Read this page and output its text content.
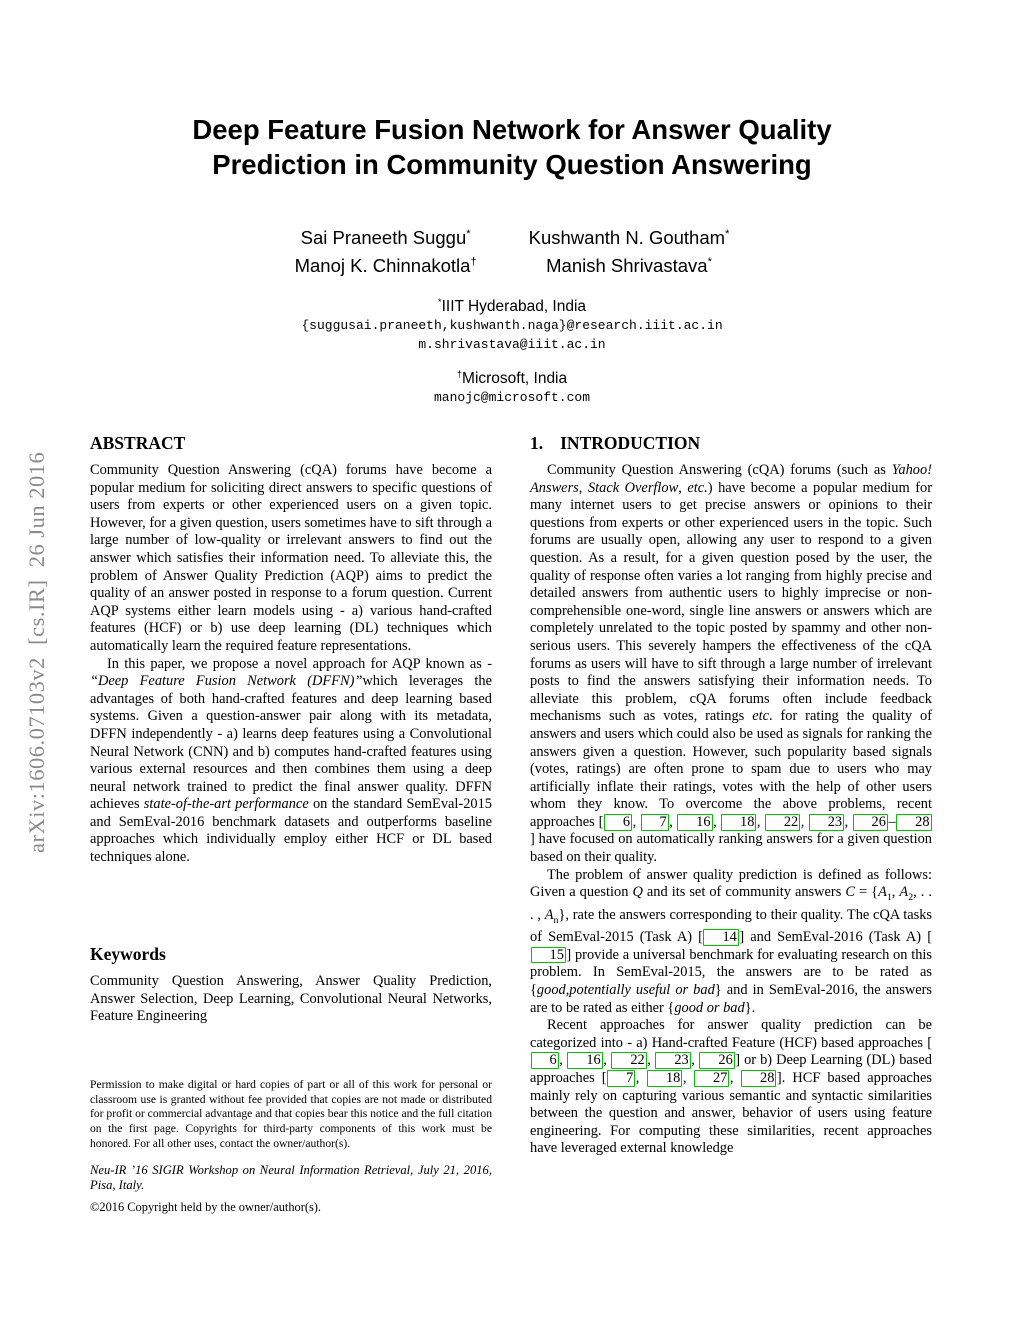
arXiv:1606.07103v2  [cs.IR]  26 Jun 2016
Deep Feature Fusion Network for Answer Quality
Prediction in Community Question Answering
Sai Praneeth Suggu*
Manoj K. Chinnakotla†
Kushwanth N. Goutham*
Manish Shrivastava*
*IIIT Hyderabad, India
{suggusai.praneeth,kushwanth.naga}@research.iiit.ac.in
m.shrivastava@iiit.ac.in
†Microsoft, India
manojc@microsoft.com
ABSTRACT

Community Question Answering (cQA) forums have become a popular medium for soliciting direct answers to specific questions of users from experts or other experienced users on a given topic. However, for a given question, users sometimes have to sift through a large number of low-quality or irrelevant answers to find out the answer which satisfies their information need. To alleviate this, the problem of Answer Quality Prediction (AQP) aims to predict the quality of an answer posted in response to a forum question. Current AQP systems either learn models using - a) various hand-crafted features (HCF) or b) use deep learning (DL) techniques which automatically learn the required feature representations.

In this paper, we propose a novel approach for AQP known as - “Deep Feature Fusion Network (DFFN)”which leverages the advantages of both hand-crafted features and deep learning based systems. Given a question-answer pair along with its metadata, DFFN independently - a) learns deep features using a Convolutional Neural Network (CNN) and b) computes hand-crafted features using various external resources and then combines them using a deep neural network trained to predict the final answer quality. DFFN achieves state-of-the-art performance on the standard SemEval-2015 and SemEval-2016 benchmark datasets and outperforms baseline approaches which individually employ either HCF or DL based techniques alone.

Keywords

Community Question Answering, Answer Quality Prediction, Answer Selection, Deep Learning, Convolutional Neural Networks, Feature Engineering

Permission to make digital or hard copies of part or all of this work for personal or classroom use is granted without fee provided that copies are not made or distributed for profit or commercial advantage and that copies bear this notice and the full citation on the first page. Copyrights for third-party components of this work must be honored. For all other uses, contact the owner/author(s).

Neu-IR ’16 SIGIR Workshop on Neural Information Retrieval, July 21, 2016, Pisa, Italy.

©2016 Copyright held by the owner/author(s).

1. INTRODUCTION

Community Question Answering (cQA) forums (such as Yahoo! Answers, Stack Overflow, etc.) have become a popular medium for many internet users to get precise answers or opinions to their questions from experts or other experienced users in the topic. Such forums are usually open, allowing any user to respond to a given question. As a result, for a given question posed by the user, the quality of response often varies a lot ranging from highly precise and detailed answers from authentic users to highly imprecise or non-comprehensible one-word, single line answers or answers which are completely unrelated to the topic posted by spammy and other non-serious users. This severely hampers the effectiveness of the cQA forums as users will have to sift through a large number of irrelevant posts to find the answers satisfying their information needs. To alleviate this problem, cQA forums often include feedback mechanisms such as votes, ratings etc. for rating the quality of answers and users which could also be used as signals for ranking the answers given a question. However, such popularity based signals (votes, ratings) are often prone to spam due to users who may artificially inflate their ratings, votes with the help of other users whom they know. To overcome the above problems, recent approaches [ 6 , 7 , 16 , 18 , 22 , 23 , 26 – 28] have focused on automatically ranking answers for a given question based on their quality.

The problem of answer quality prediction is defined as follows: Given a question Q and its set of community answers $C = \{A_1$, $A_2$, . . . , $A_n$}, rate the answers corresponding to their quality. The cQA tasks of SemEval-2015 (Task A) [ 14 ] and SemEval-2016 (Task A) [15 ] provide a universal benchmark for evaluating research on this problem. In SemEval-2015, the answers are to be rated as {good,potentially useful or bad} and in SemEval-2016, the answers are to be rated as either {good or bad}.

Recent approaches for answer quality prediction can be categorized into - a) Hand-crafted Feature (HCF) based approaches [6 , 16 , 22 , 23 , 26 ] or b) Deep Learning (DL) based approaches [ 7 , 18 , 27 , 28 ]. HCF based approaches mainly rely on capturing various semantic and syntactic similarities between the question and answer, behavior of users using feature engineering. For computing these similarities, recent approaches have leveraged external knowledge
